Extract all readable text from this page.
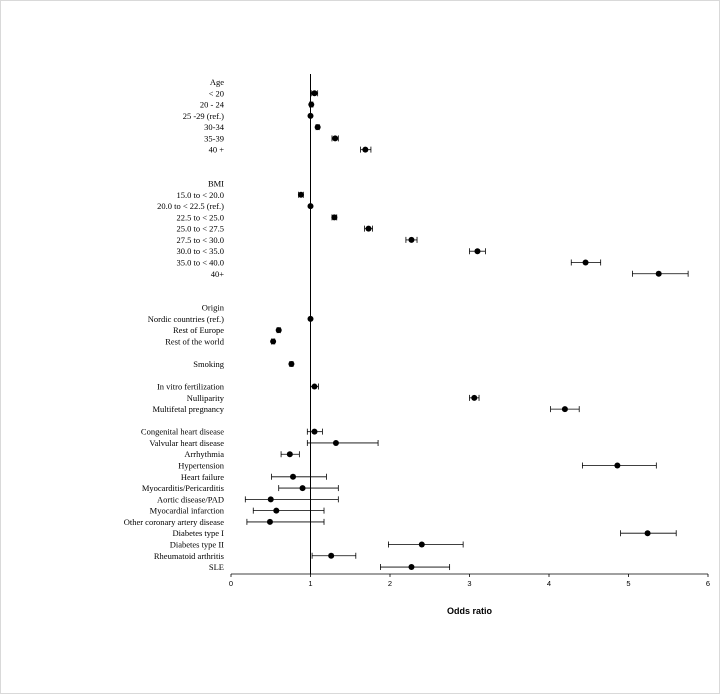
0	1	2	3	4	5	6
Age
< 20
20 - 24
25 -29 (ref.)
30-34
35-39
40 +
BMI
15.0 to < 20.0
20.0 to < 22.5 (ref.)
22.5 to < 25.0
25.0 to < 27.5
27.5 to < 30.0
30.0 to < 35.0
35.0 to < 40.0
40+
Origin
Nordic countries (ref.)
Rest of Europe
Rest of the world
Smoking
In vitro fertilization
Nulliparity
Multifetal pregnancy
Congenital heart disease
Valvular heart disease
Arrhythmia
Hypertension
Heart failure
Myocarditis/Pericarditis
Aortic disease/PAD
Myocardial infarction
Other coronary artery disease
Diabetes type I
Diabetes type II
Rheumatoid arthritis
SLE
Odds ratio
